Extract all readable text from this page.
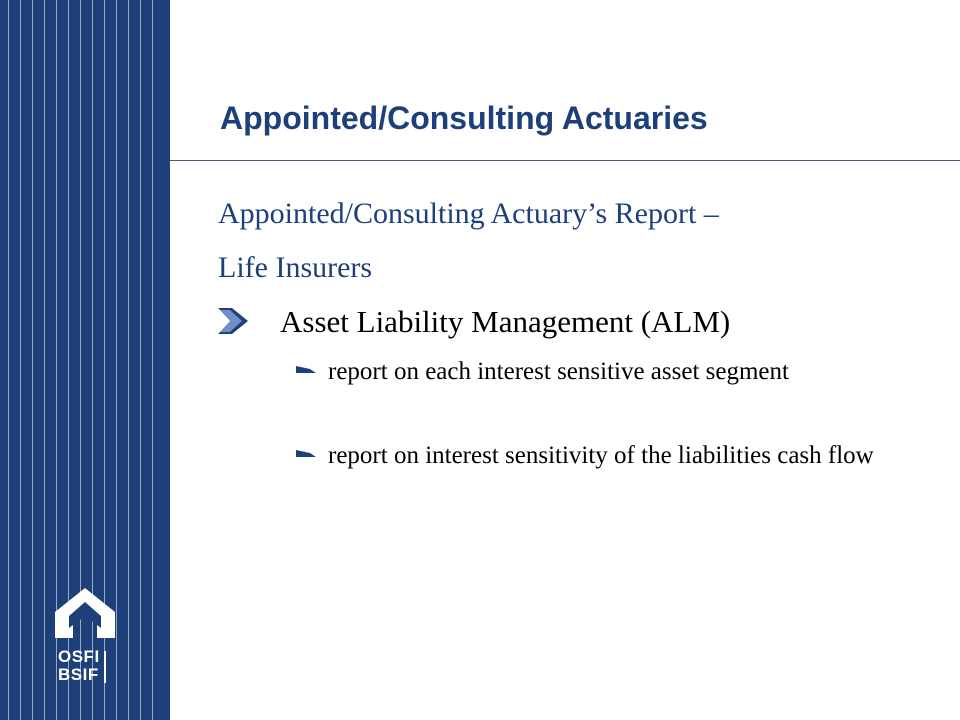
OSFI
BSIF
Appointed/Consulting Actuaries
Appointed/Consulting Actuary’s Report –
Life Insurers
Asset Liability Management (ALM)
report on each interest sensitive asset segment
report on interest sensitivity of the liabilities cash flow
